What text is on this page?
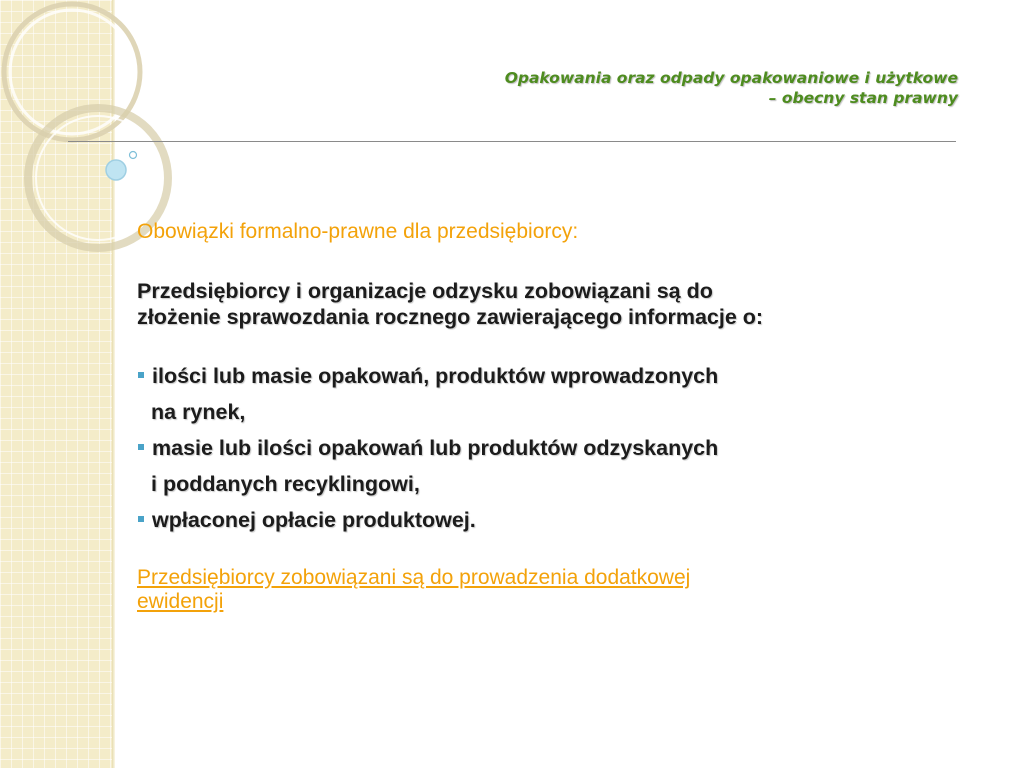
Opakowania oraz odpady opakowaniowe i użytkowe
– obecny stan prawny

Obowiązki formalno-prawne dla przedsiębiorcy:

Przedsiębiorcy i organizacje odzysku zobowiązani są do
złożenie sprawozdania rocznego zawierającego informacje o:
ilości lub masie opakowań, produktów wprowadzonych
na rynek,
masie lub ilości opakowań lub produktów odzyskanych
i poddanych recyklingowi,
wpłaconej opłacie produktowej.
Przedsiębiorcy zobowiązani są do prowadzenia dodatkowej
ewidencji
